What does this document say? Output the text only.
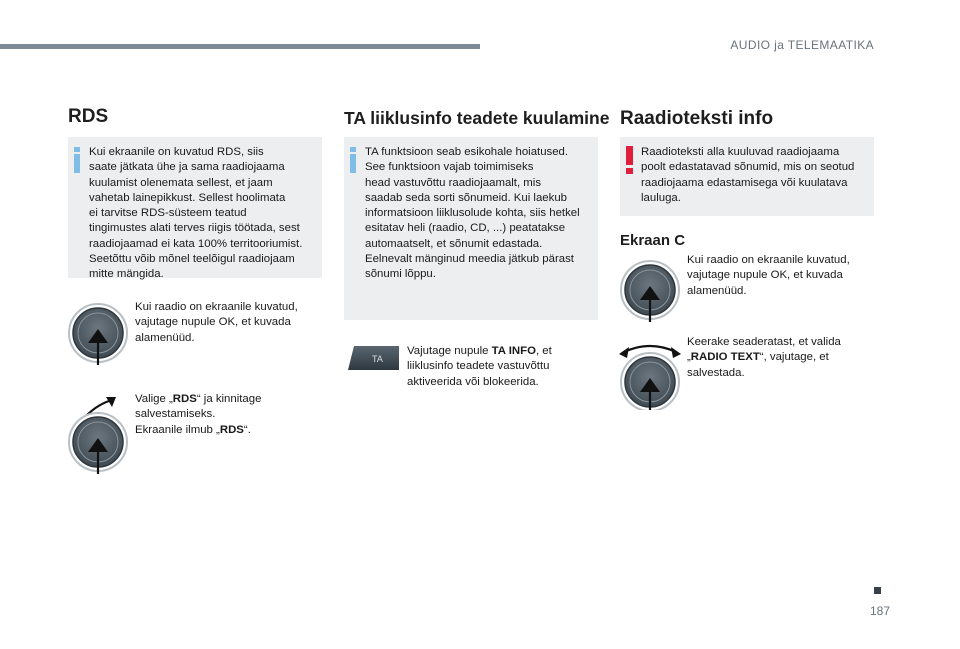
AUDIO ja TELEMAATIKA
RDS
Kui ekraanile on kuvatud RDS, siis
saate jätkata ühe ja sama raadiojaama
kuulamist olenemata sellest, et jaam
vahetab lainepikkust. Sellest hoolimata
ei tarvitse RDS-süsteem teatud
tingimustes alati terves riigis töötada, sest
raadiojaamad ei kata 100% territooriumist.
Seetõttu võib mõnel teelõigul raadiojaam
mitte mängida.
Kui raadio on ekraanile kuvatud,
vajutage nupule OK, et kuvada
alamenüüd.
Valige „RDS“ ja kinnitage
salvestamiseks.
Ekraanile ilmub „RDS“.
TA liiklusinfo teadete kuulamine
TA funktsioon seab esikohale hoiatused.
See funktsioon vajab toimimiseks
head vastuvõttu raadiojaamalt, mis
saadab seda sorti sõnumeid. Kui laekub
informatsioon liiklusolude kohta, siis hetkel
esitatav heli (raadio, CD, ...) peatatakse
automaatselt, et sõnumit edastada.
Eelnevalt mänginud meedia jätkub pärast
sõnumi lõppu.
TA
Vajutage nupule TA INFO, et
liiklusinfo teadete vastuvõttu
aktiveerida või blokeerida.
Raadioteksti info
Raadioteksti alla kuuluvad raadiojaama
poolt edastatavad sõnumid, mis on seotud
raadiojaama edastamisega või kuulatava
lauluga.
Ekraan C
Kui raadio on ekraanile kuvatud,
vajutage nupule OK, et kuvada
alamenüüd.
Keerake seaderatast, et valida
„RADIO TEXT“, vajutage, et
salvestada.
187
